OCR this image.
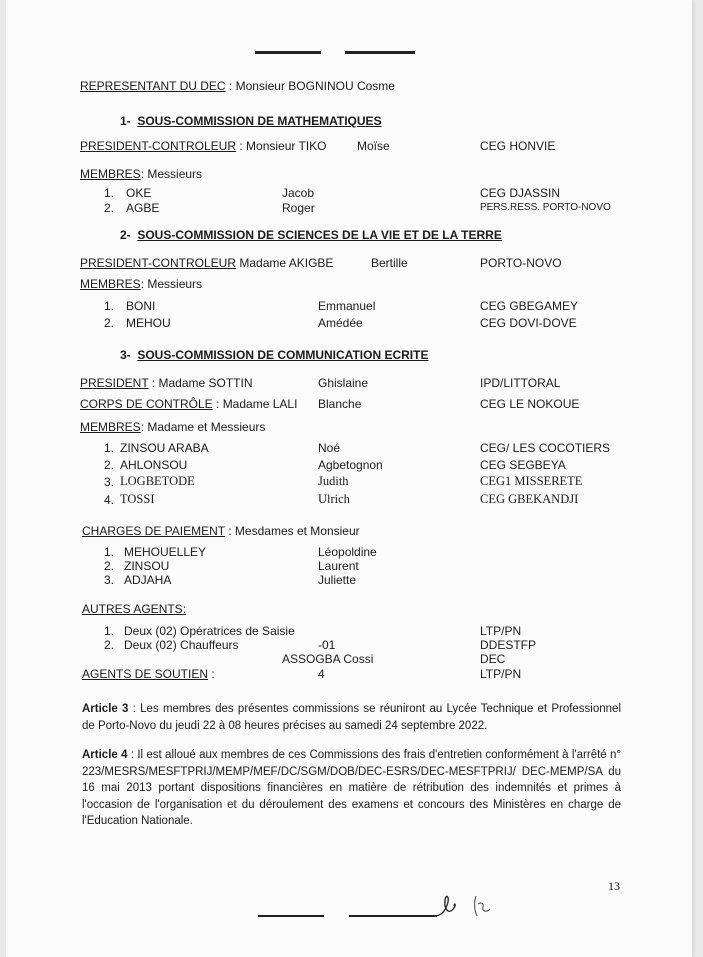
REPRESENTANT DU DEC : Monsieur BOGNINOU Cosme
1- SOUS-COMMISSION DE MATHEMATIQUES
PRESIDENT-CONTROLEUR : Monsieur TIKO	Moïse	CEG HONVIE
MEMBRES: Messieurs
1. OKE	Jacob	CEG DJASSIN
2. AGBE	Roger	PERS.RESS. PORTO-NOVO
2- SOUS-COMMISSION DE SCIENCES DE LA VIE ET DE LA TERRE
PRESIDENT-CONTROLEUR Madame AKIGBE	Bertille	PORTO-NOVO
MEMBRES: Messieurs
1. BONI	Emmanuel	CEG GBEGAMEY
2. MEHOU	Amédée	CEG DOVI-DOVE
3- SOUS-COMMISSION DE COMMUNICATION ECRITE
PRESIDENT : Madame SOTTIN	Ghislaine	IPD/LITTORAL
CORPS DE CONTRÔLE : Madame LALI Blanche	CEG LE NOKOUE
MEMBRES: Madame et Messieurs
1. ZINSOU ARABA	Noé	CEG/ LES COCOTIERS
2. AHLONSOU	Agbetognon	CEG SEGBEYA
3. LOGBETODE	Judith	CEG1 MISSERETE
4. TOSSI	Ulrich	CEG GBEKANDJI
CHARGES DE PAIEMENT : Mesdames et Monsieur
1. MEHOUELLEY	Léopoldine
2. ZINSOU	Laurent
3. ADJAHA	Juliette
AUTRES AGENTS:
1. Deux (02) Opératrices de Saisie	LTP/PN
2. Deux (02) Chauffeurs	-01	DDESTFP
ASSOGBA Cossi	DEC
AGENTS DE SOUTIEN :	4	LTP/PN
Article 3 : Les membres des présentes commissions se réuniront au Lycée Technique et Professionnel de Porto-Novo du jeudi 22 à 08 heures précises au samedi 24 septembre 2022.
Article 4 : Il est alloué aux membres de ces Commissions des frais d'entretien conformément à l'arrêté n° 223/MESRS/MESFTPRIJ/MEMP/MEF/DC/SGM/DOB/DEC-ESRS/DEC-MESFTPRIJ/ DEC-MEMP/SA du 16 mai 2013 portant dispositions financières en matière de rétribution des indemnités et primes à l'occasion de l'organisation et du déroulement des examens et concours des Ministères en charge de l'Education Nationale.
13
